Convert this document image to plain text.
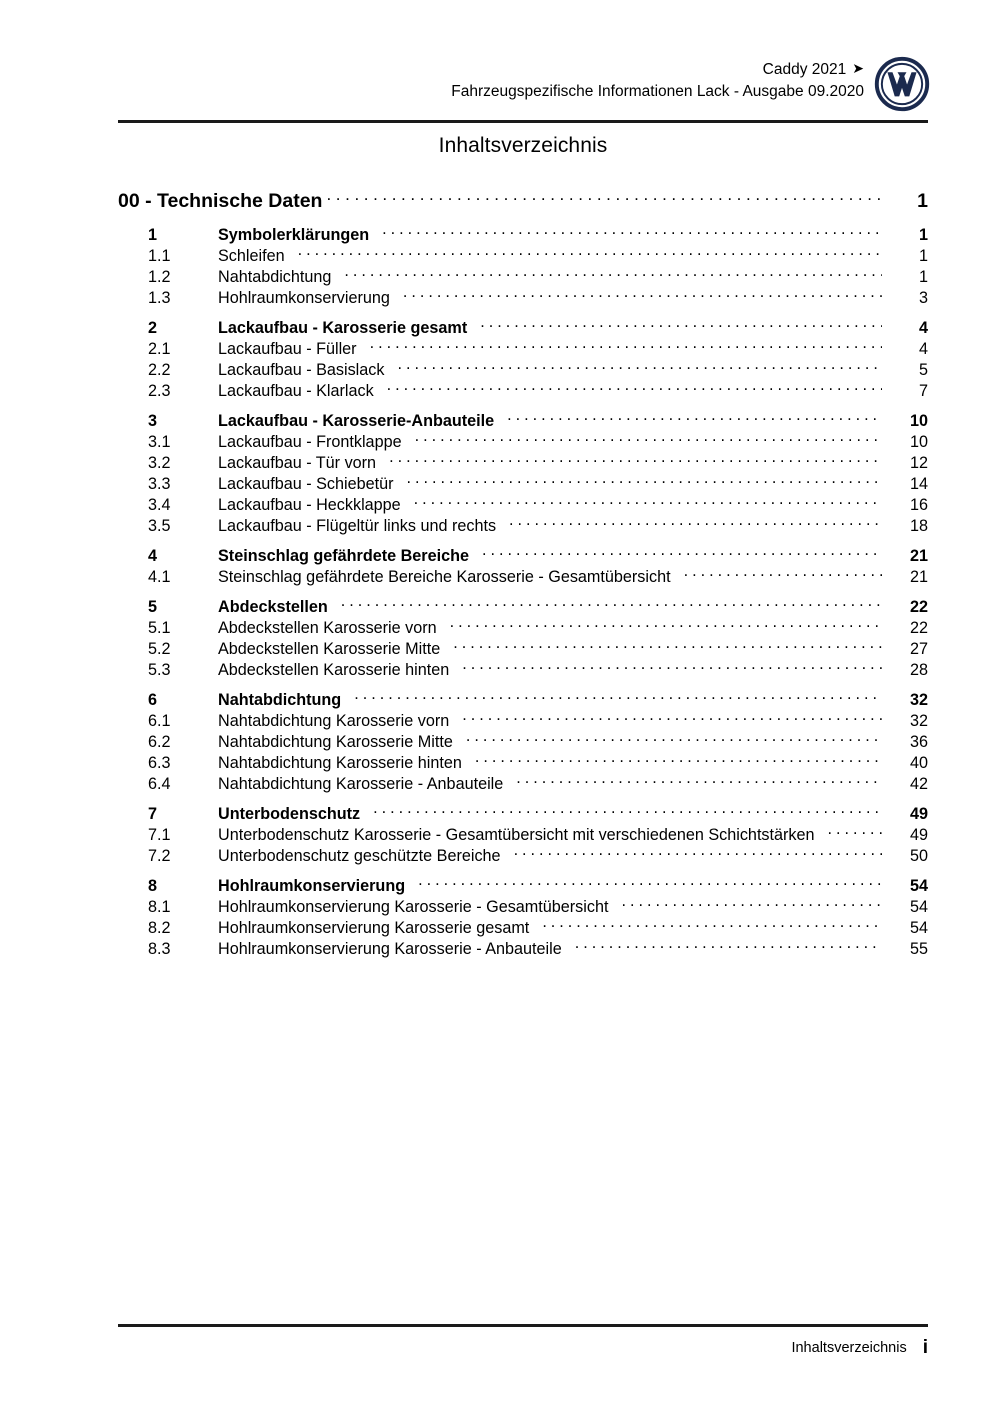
Caddy 2021 ➤
Fahrzeugspezifische Informationen Lack - Ausgabe 09.2020
Inhaltsverzeichnis
00 - Technische Daten .....	1
1	Symbolerklärungen .....	1
1.1	Schleifen .....	1
1.2	Nahtabdichtung .....	1
1.3	Hohlraumkonservierung .....	3
2	Lackaufbau - Karosserie gesamt .....	4
2.1	Lackaufbau - Füller .....	4
2.2	Lackaufbau - Basislack .....	5
2.3	Lackaufbau - Klarlack .....	7
3	Lackaufbau - Karosserie-Anbauteile .....	10
3.1	Lackaufbau - Frontklappe .....	10
3.2	Lackaufbau - Tür vorn .....	12
3.3	Lackaufbau - Schiebetür .....	14
3.4	Lackaufbau - Heckklappe .....	16
3.5	Lackaufbau - Flügeltür links und rechts .....	18
4	Steinschlag gefährdete Bereiche .....	21
4.1	Steinschlag gefährdete Bereiche Karosserie - Gesamtübersicht .....	21
5	Abdeckstellen .....	22
5.1	Abdeckstellen Karosserie vorn .....	22
5.2	Abdeckstellen Karosserie Mitte .....	27
5.3	Abdeckstellen Karosserie hinten .....	28
6	Nahtabdichtung .....	32
6.1	Nahtabdichtung Karosserie vorn .....	32
6.2	Nahtabdichtung Karosserie Mitte .....	36
6.3	Nahtabdichtung Karosserie hinten .....	40
6.4	Nahtabdichtung Karosserie - Anbauteile .....	42
7	Unterbodenschutz .....	49
7.1	Unterbodenschutz Karosserie - Gesamtübersicht mit verschiedenen Schichtstärken .....	49
7.2	Unterbodenschutz geschützte Bereiche .....	50
8	Hohlraumkonservierung .....	54
8.1	Hohlraumkonservierung Karosserie - Gesamtübersicht .....	54
8.2	Hohlraumkonservierung Karosserie gesamt .....	54
8.3	Hohlraumkonservierung Karosserie - Anbauteile .....	55
Inhaltsverzeichnis i
